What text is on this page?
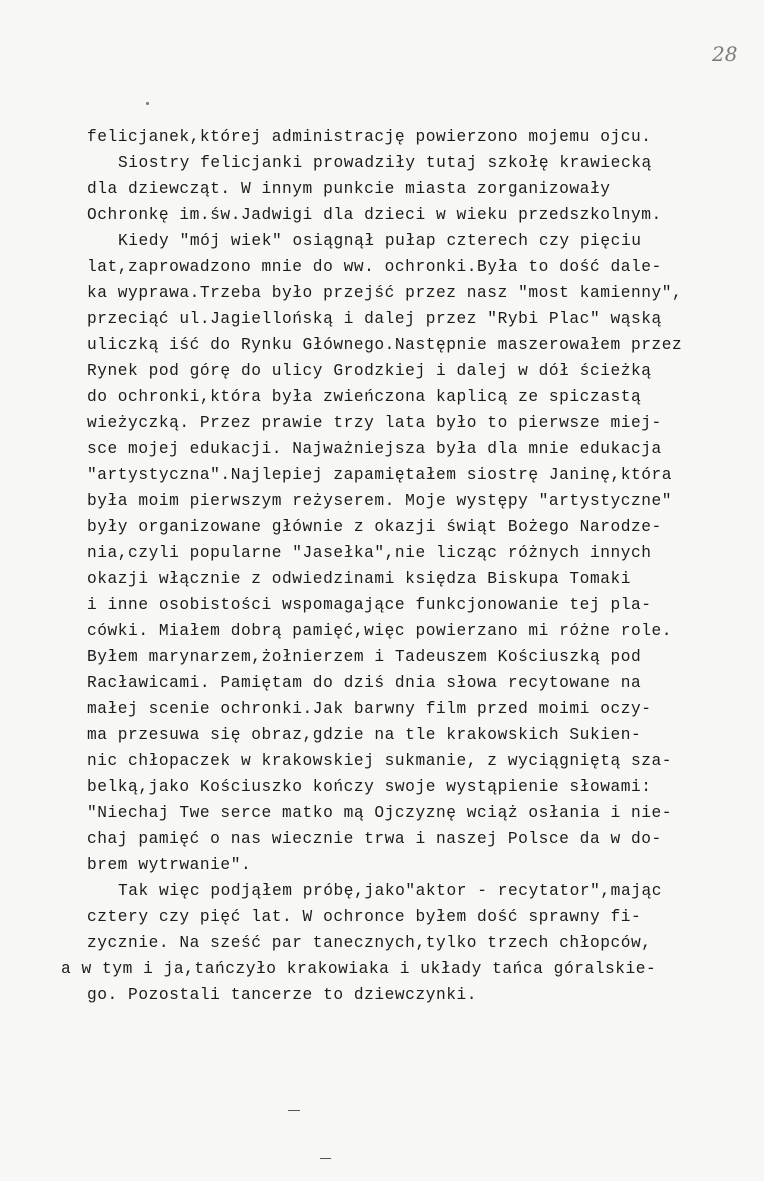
28
felicjanek,której administrację powierzono mojemu ojcu.
Siostry felicjanki prowadziły tutaj szkołę krawiecką
dla dziewcząt. W innym punkcie miasta zorganizowały
Ochronkę im.św.Jadwigi dla dzieci w wieku przedszkolnym.
Kiedy "mój wiek" osiągnął pułap czterech czy pięciu
lat,zaprowadzono mnie do ww. ochronki.Była to dość dale-
ka wyprawa.Trzeba było przejść przez nasz "most kamienny",
przeciąć ul.Jagiellońską i dalej przez "Rybi Plac" wąską
uliczką iść do Rynku Głównego.Następnie maszerowałem przez
Rynek pod górę do ulicy Grodzkiej i dalej w dół ścieżką
do ochronki,która była zwieńczona kaplicą ze spiczastą
wieżyczką. Przez prawie trzy lata było to pierwsze miej-
sce mojej edukacji. Najważniejsza była dla mnie edukacja
"artystyczna".Najlepiej zapamiętałem siostrę Janinę,która
była moim pierwszym reżyserem. Moje występy "artystyczne"
były organizowane głównie z okazji świąt Bożego Narodze-
nia,czyli popularne "Jasełka",nie licząc różnych innych
okazji włącznie z odwiedzinami księdza Biskupa Tomaki
i inne osobistości wspomagające funkcjonowanie tej pla-
cówki. Miałem dobrą pamięć,więc powierzano mi różne role.
Byłem marynarzem,żołnierzem i Tadeuszem Kościuszką pod
Racławicami. Pamiętam do dziś dnia słowa recytowane na
małej scenie ochronki.Jak barwny film przed moimi oczy-
ma przesuwa się obraz,gdzie na tle krakowskich Sukien-
nic chłopaczek w krakowskiej sukmanie, z wyciągniętą sza-
belką,jako Kościuszko kończy swoje wystąpienie słowami:
"Niechaj Twe serce matko mą Ojczyznę wciąż osłania i nie-
chaj pamięć o nas wiecznie trwa i naszej Polsce da w do-
brem wytrwanie".
Tak więc podjąłem próbę,jako"aktor - recytator",mając
cztery czy pięć lat. W ochronce byłem dość sprawny fi-
zycznie. Na sześć par tanecznych,tylko trzech chłopców,
a w tym i ja,tańczyło krakowiaka i układy tańca góralskie-
go. Pozostali tancerze to dziewczynki.
